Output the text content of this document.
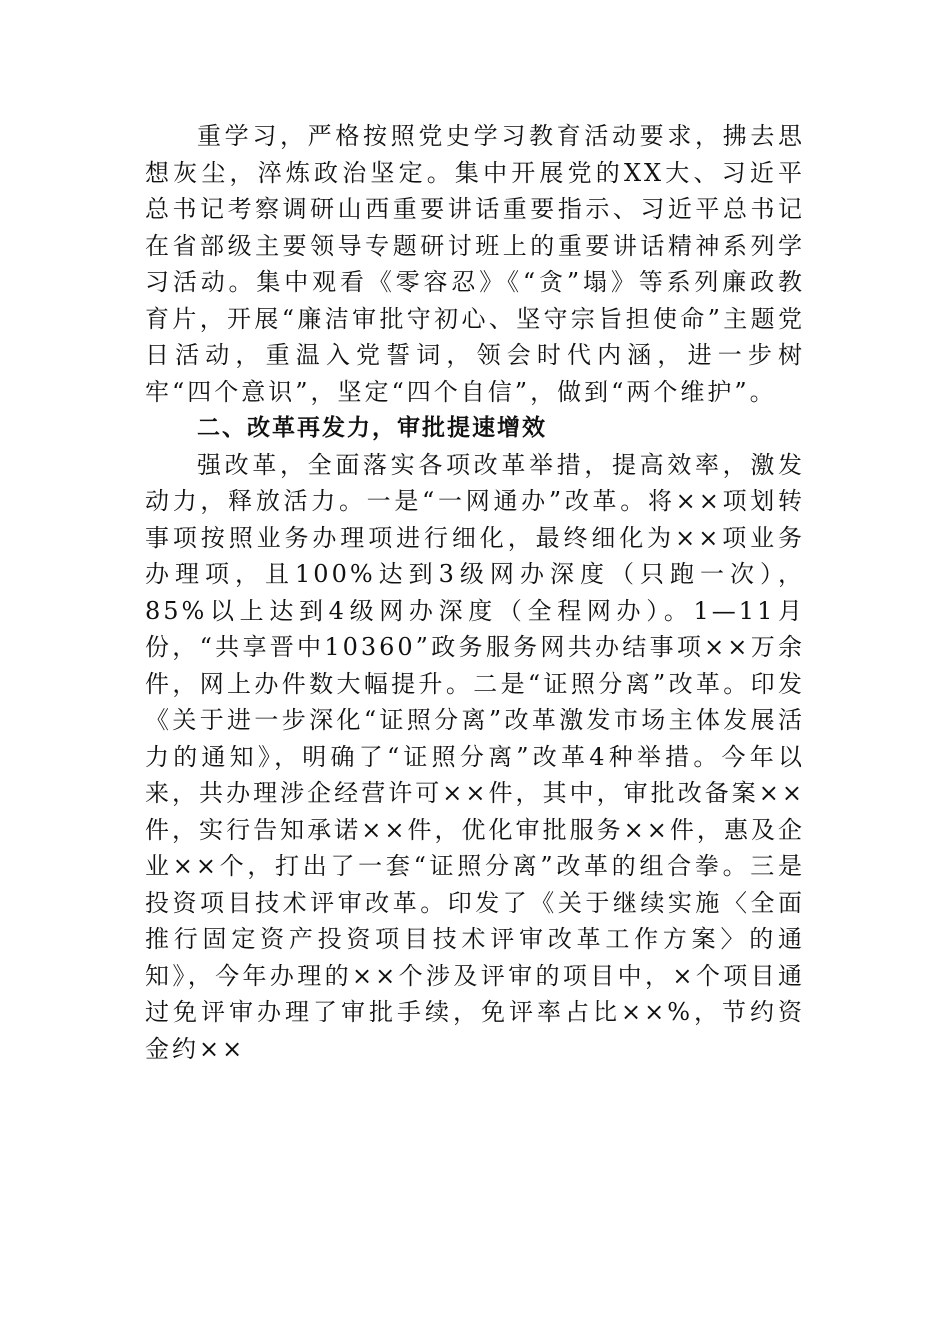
重学习，严格按照党史学习教育活动要求，拂去思想灰尘，淬炼政治坚定。集中开展党的XX大、习近平总书记考察调研山西重要讲话重要指示、习近平总书记在省部级主要领导专题研讨班上的重要讲话精神系列学习活动。集中观看《零容忍》《“贪”塌》等系列廉政教育片，开展“廉洁审批守初心、坚守宗旨担使命”主题党日活动，重温入党誓词，领会时代内涵，进一步树牢“四个意识”，坚定“四个自信”，做到“两个维护”。

二、改革再发力，审批提速增效

强改革，全面落实各项改革举措，提高效率，激发动力，释放活力。一是“一网通办”改革。将××项划转事项按照业务办理项进行细化，最终细化为××项业务办理项，且100%达到3级网办深度（只跑一次），85%以上达到4级网办深度（全程网办）。1—11月份，“共享晋中10360”政务服务网共办结事项××万余件，网上办件数大幅提升。二是“证照分离”改革。印发《关于进一步深化“证照分离”改革激发市场主体发展活力的通知》，明确了“证照分离”改革4种举措。今年以来，共办理涉企经营许可××件，其中，审批改备案××件，实行告知承诺××件，优化审批服务××件，惠及企业××个，打出了一套“证照分离”改革的组合拳。三是投资项目技术评审改革。印发了《关于继续实施〈全面推行固定资产投资项目技术评审改革工作方案〉的通知》，今年办理的××个涉及评审的项目中，×个项目通过免评审办理了审批手续，免评率占比××%，节约资金约××
